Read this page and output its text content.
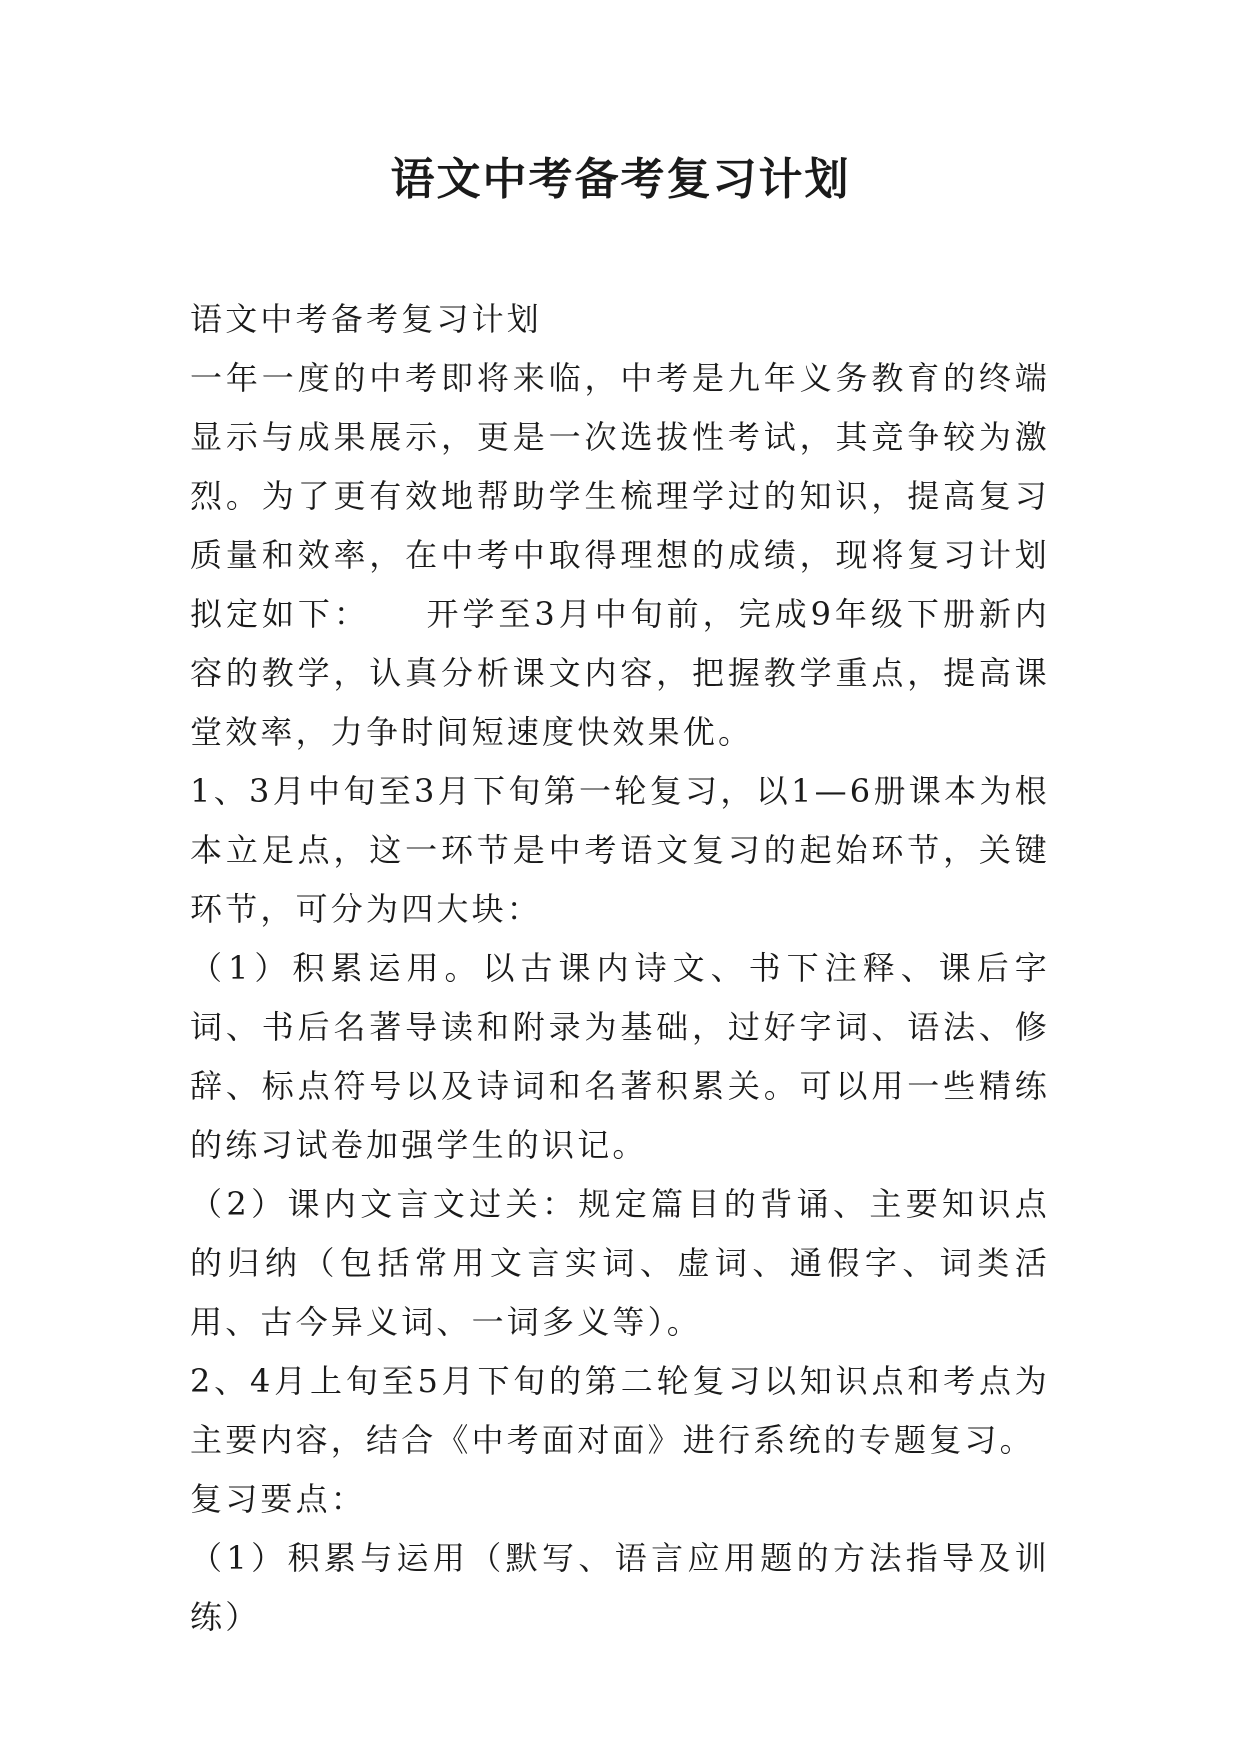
语文中考备考复习计划

语文中考备考复习计划

一年一度的中考即将来临，中考是九年义务教育的终端显示与成果展示，更是一次选拔性考试，其竞争较为激烈。为了更有效地帮助学生梳理学过的知识，提高复习质量和效率，在中考中取得理想的成绩，现将复习计划拟定如下：    开学至3月中旬前，完成9年级下册新内容的教学，认真分析课文内容，把握教学重点，提高课堂效率，力争时间短速度快效果优。

1、3月中旬至3月下旬第一轮复习，以1—6册课本为根本立足点，这一环节是中考语文复习的起始环节，关键环节，可分为四大块：

（1）积累运用。以古课内诗文、书下注释、课后字词、书后名著导读和附录为基础，过好字词、语法、修辞、标点符号以及诗词和名著积累关。可以用一些精练的练习试卷加强学生的识记。

（2）课内文言文过关：规定篇目的背诵、主要知识点的归纳（包括常用文言实词、虚词、通假字、词类活用、古今异义词、一词多义等）。

2、4月上旬至5月下旬的第二轮复习以知识点和考点为主要内容，结合《中考面对面》进行系统的专题复习。

复习要点：

（1）积累与运用（默写、语言应用题的方法指导及训练）
